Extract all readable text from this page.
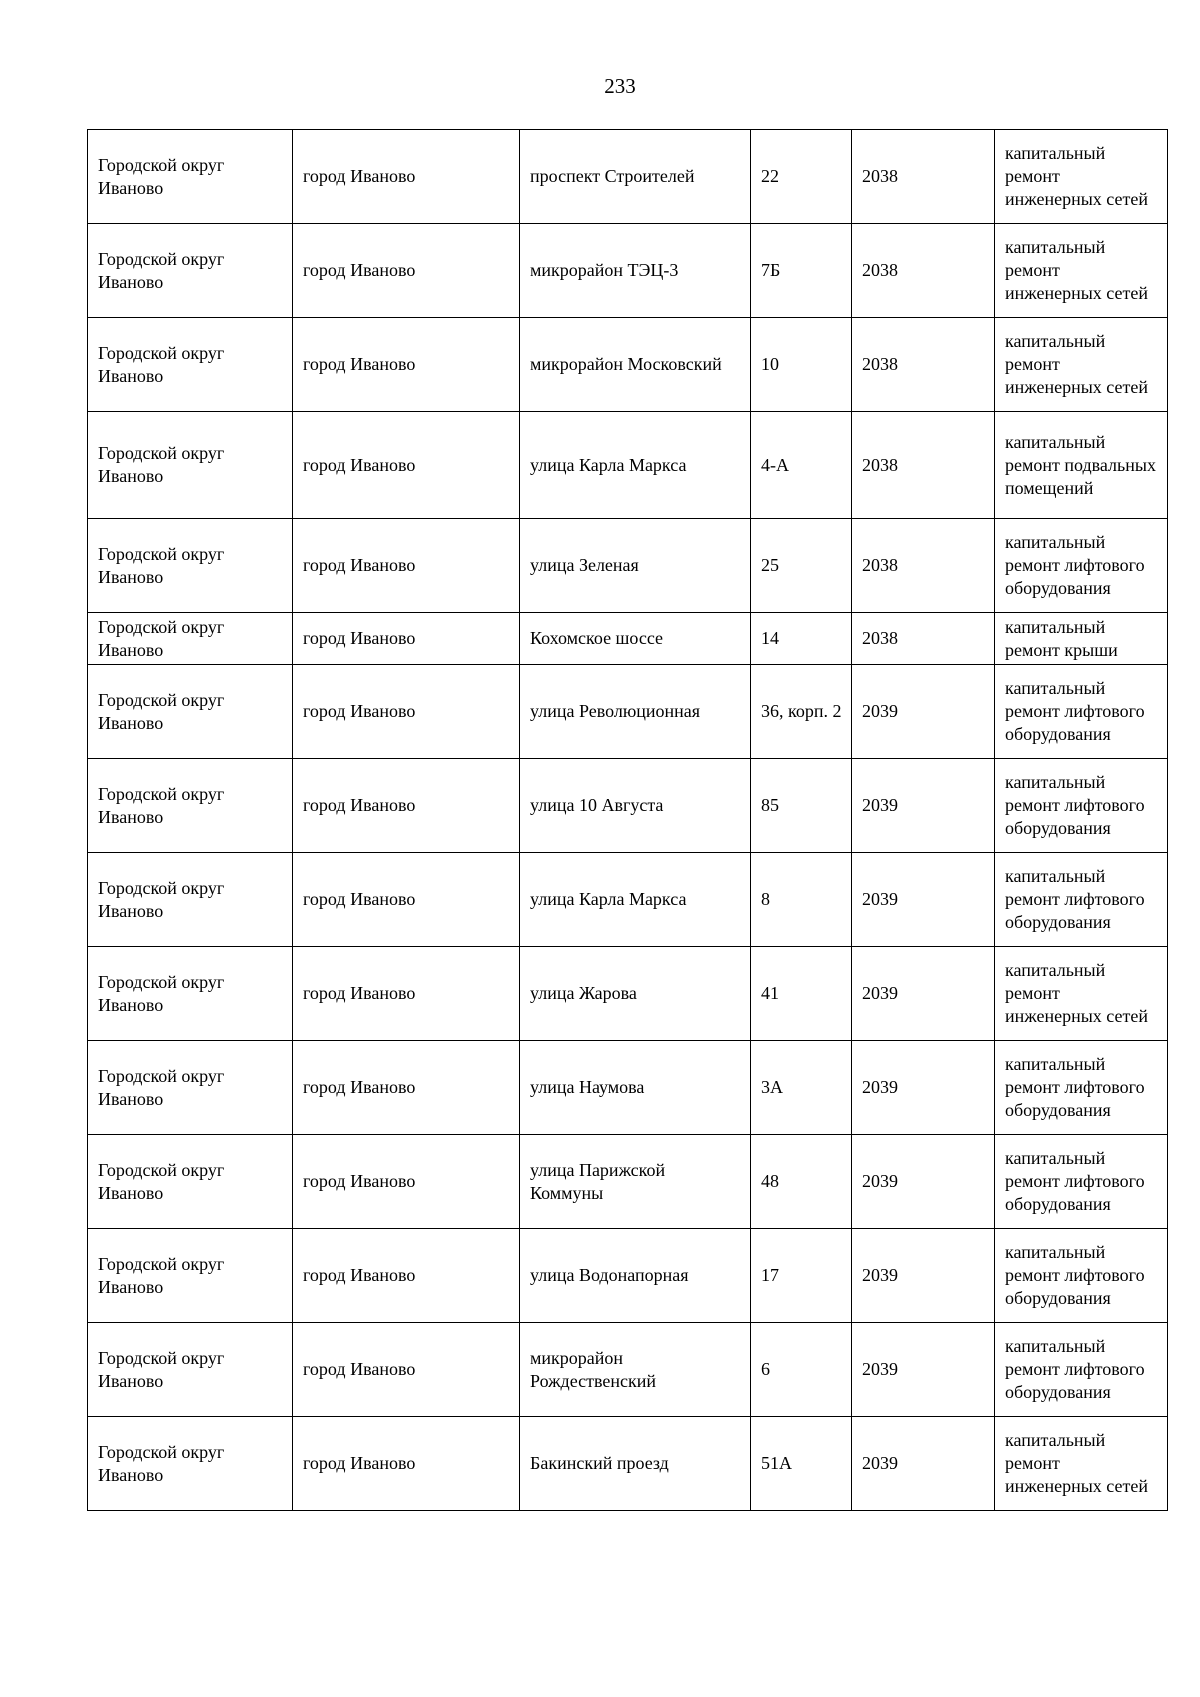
233
Городской округ Иваново	город Иваново	проспект Строителей	22	2038	капитальный ремонт инженерных сетей
Городской округ Иваново	город Иваново	микрорайон ТЭЦ-3	7Б	2038	капитальный ремонт инженерных сетей
Городской округ Иваново	город Иваново	микрорайон Московский	10	2038	капитальный ремонт инженерных сетей
Городской округ Иваново	город Иваново	улица Карла Маркса	4-А	2038	капитальный ремонт подвальных помещений
Городской округ Иваново	город Иваново	улица Зеленая	25	2038	капитальный ремонт лифтового оборудования
Городской округ Иваново	город Иваново	Кохомское шоссе	14	2038	капитальный ремонт крыши
Городской округ Иваново	город Иваново	улица Революционная	36, корп. 2	2039	капитальный ремонт лифтового оборудования
Городской округ Иваново	город Иваново	улица 10 Августа	85	2039	капитальный ремонт лифтового оборудования
Городской округ Иваново	город Иваново	улица Карла Маркса	8	2039	капитальный ремонт лифтового оборудования
Городской округ Иваново	город Иваново	улица Жарова	41	2039	капитальный ремонт инженерных сетей
Городской округ Иваново	город Иваново	улица Наумова	3А	2039	капитальный ремонт лифтового оборудования
Городской округ Иваново	город Иваново	улица Парижской Коммуны	48	2039	капитальный ремонт лифтового оборудования
Городской округ Иваново	город Иваново	улица Водонапорная	17	2039	капитальный ремонт лифтового оборудования
Городской округ Иваново	город Иваново	микрорайон Рождественский	6	2039	капитальный ремонт лифтового оборудования
Городской округ Иваново	город Иваново	Бакинский проезд	51А	2039	капитальный ремонт инженерных сетей
